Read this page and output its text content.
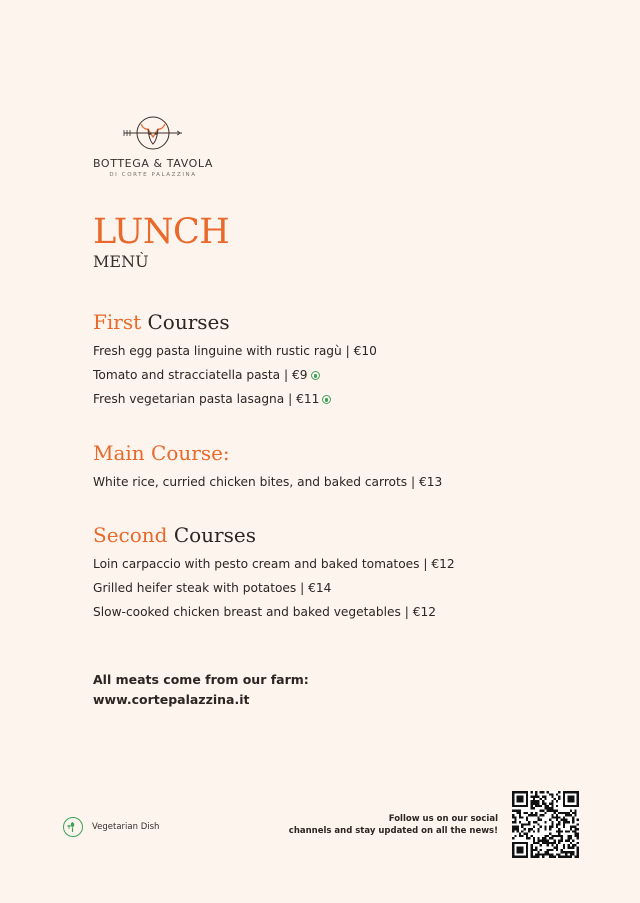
BOTTEGA & TAVOLA
DI CORTE PALAZZINA
LUNCH
MENÙ
First Courses
Fresh egg pasta linguine with rustic ragù | €10
Tomato and stracciatella pasta | €9
Fresh vegetarian pasta lasagna | €11
Main Course:
White rice, curried chicken bites, and baked carrots | €13
Second Courses
Loin carpaccio with pesto cream and baked tomatoes | €12
Grilled heifer steak with potatoes | €14
Slow-cooked chicken breast and baked vegetables | €12
All meats come from our farm:
www.cortepalazzina.it
Vegetarian Dish
Follow us on our social
channels and stay updated on all the news!
